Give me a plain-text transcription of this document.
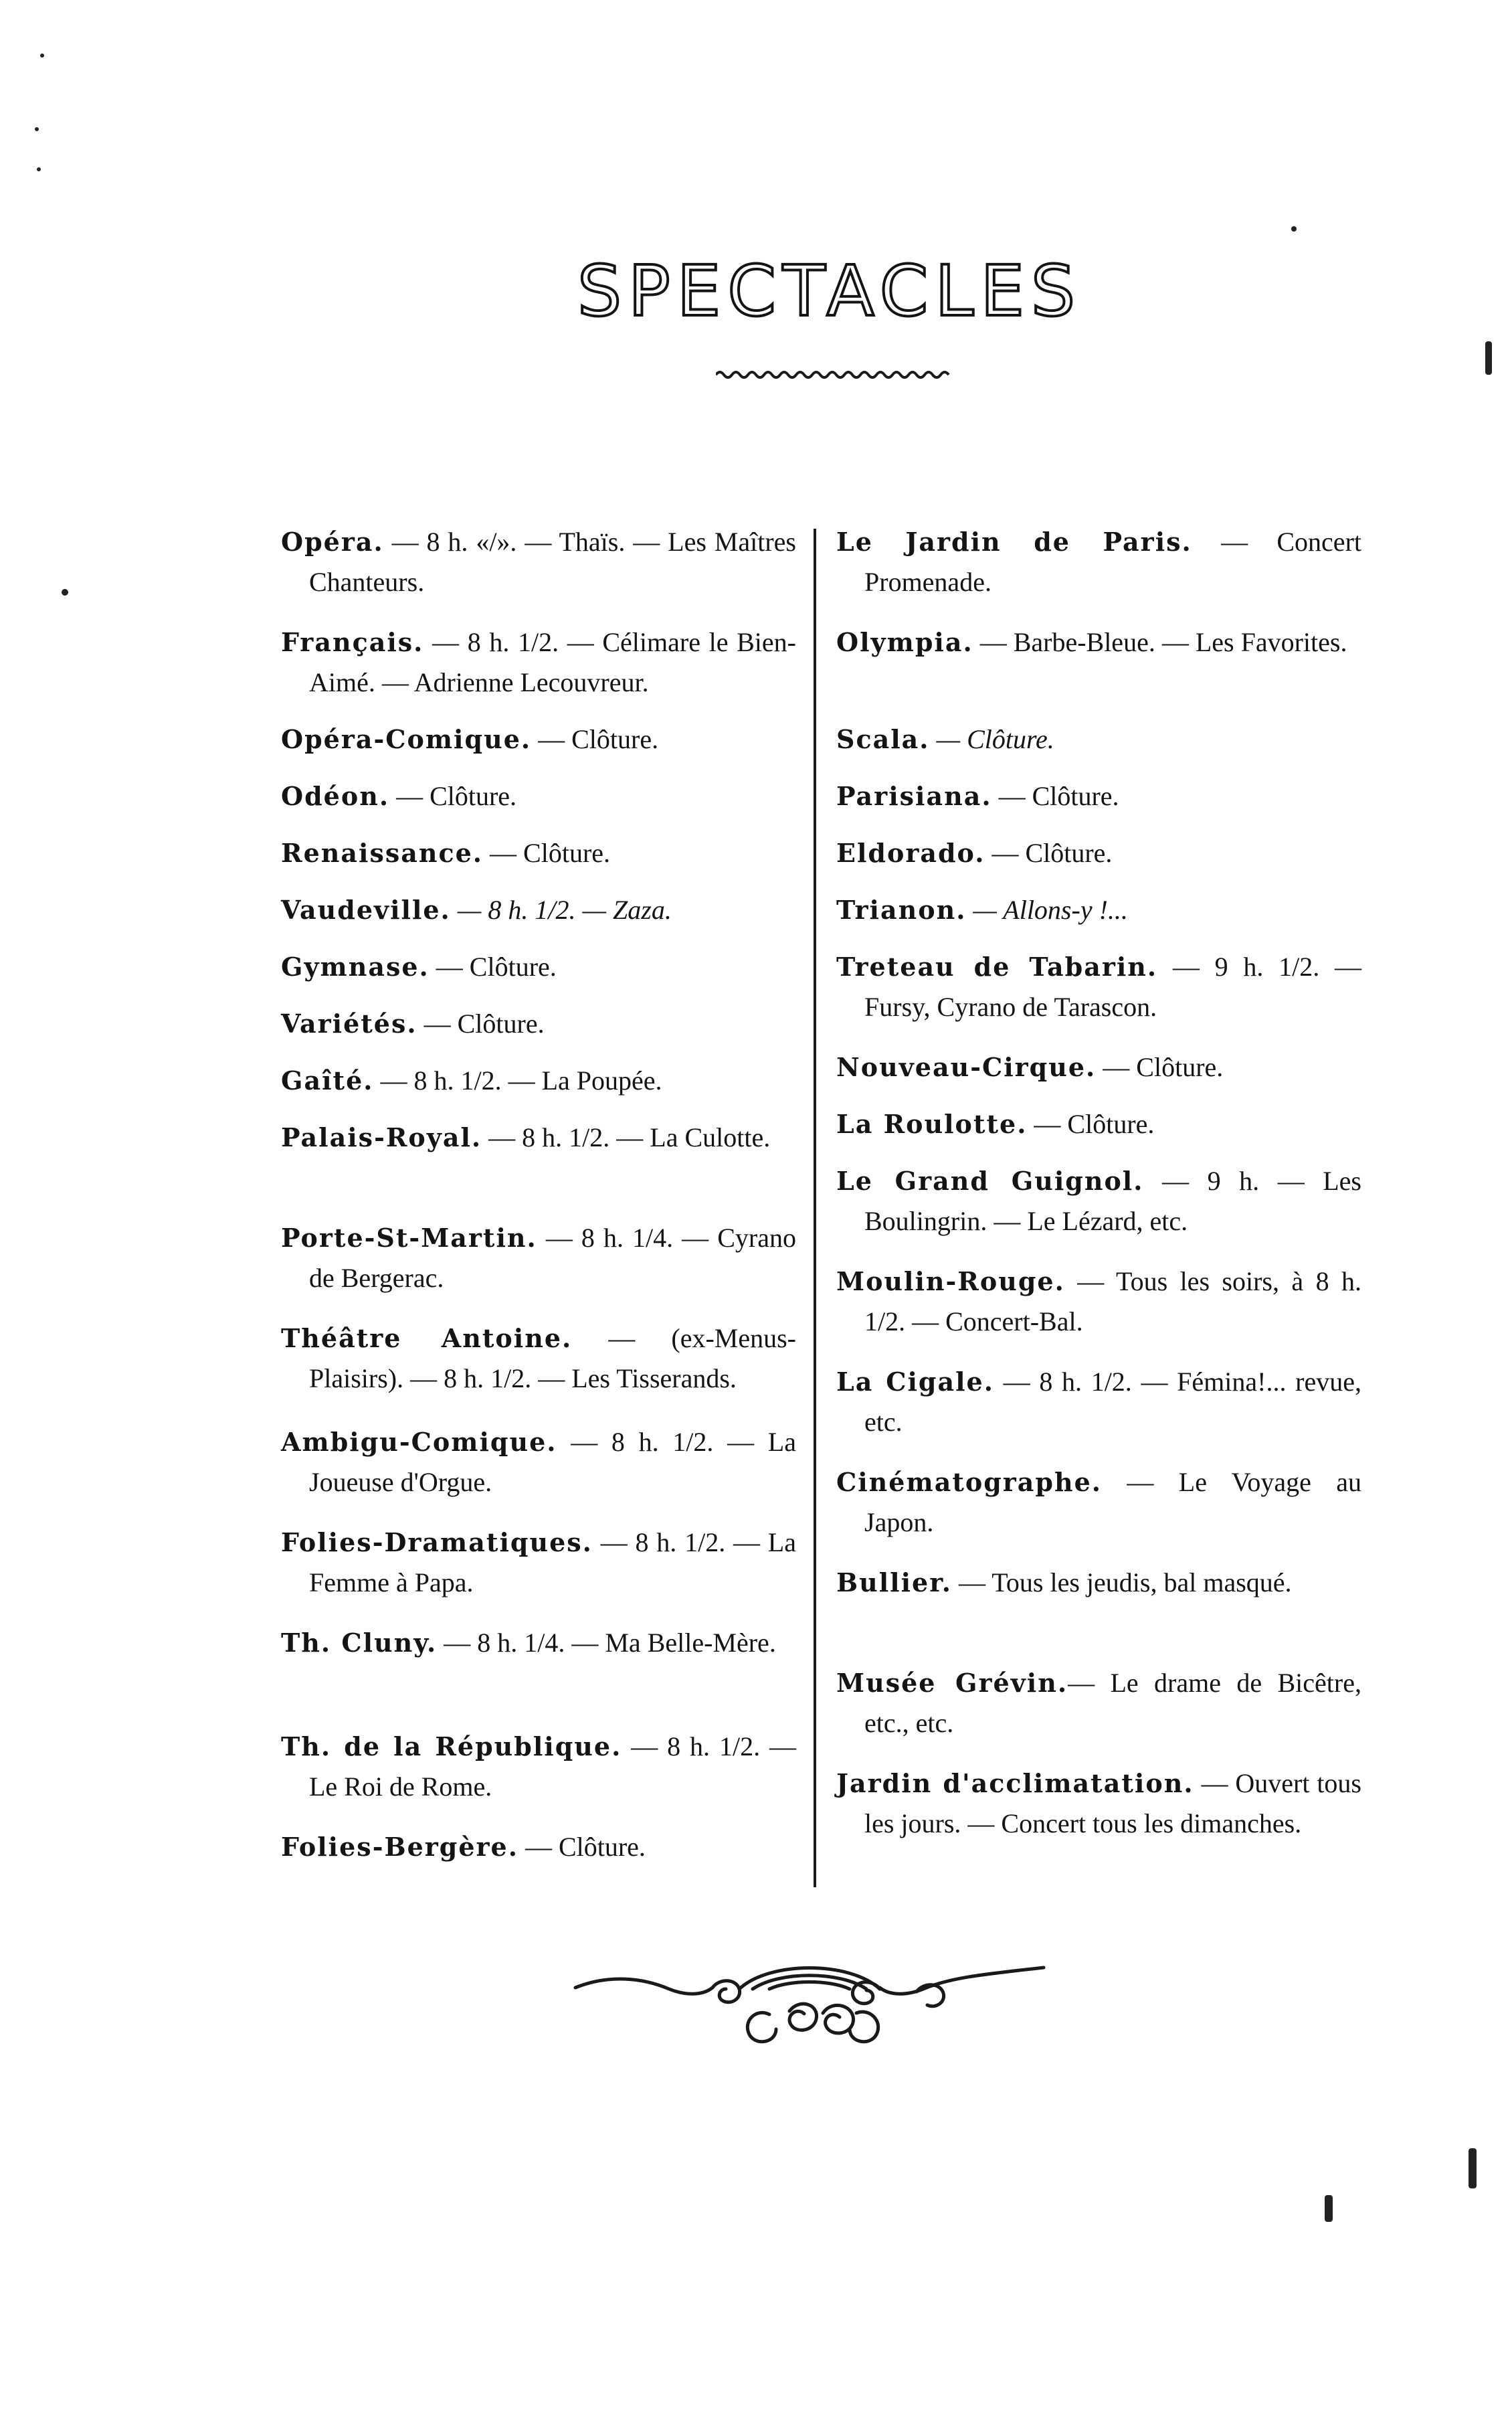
SPECTACLES

Opéra. — 8 h. «/». — Thaïs. — Les Maîtres Chanteurs.

Français. — 8 h. 1/2. — Célimare le Bien-Aimé. — Adrienne Lecouvreur.

Opéra-Comique. — Clôture.

Odéon. — Clôture.

Renaissance. — Clôture.

Vaudeville. — 8 h. 1/2. — Zaza.

Gymnase. — Clôture.

Variétés. — Clôture.

Gaîté. — 8 h. 1/2. — La Poupée.

Palais-Royal. — 8 h. 1/2. — La Culotte.

Porte-St-Martin. — 8 h. 1/4. — Cyrano de Bergerac.

Théâtre Antoine. — (ex-Menus-Plaisirs). — 8 h. 1/2. — Les Tisserands.

Ambigu-Comique. — 8 h. 1/2. — La Joueuse d'Orgue.

Folies-Dramatiques. — 8 h. 1/2. — La Femme à Papa.

Th. Cluny. — 8 h. 1/4. — Ma Belle-Mère.

Th. de la République. — 8 h. 1/2. — Le Roi de Rome.

Folies-Bergère. — Clôture.

Le Jardin de Paris. — Concert Promenade.

Olympia. — Barbe-Bleue. — Les Favorites.

Scala. — Clôture.

Parisiana. — Clôture.

Eldorado. — Clôture.

Trianon. — Allons-y !...

Treteau de Tabarin. — 9 h. 1/2. — Fursy, Cyrano de Tarascon.

Nouveau-Cirque. — Clôture.

La Roulotte. — Clôture.

Le Grand Guignol. — 9 h. — Les Boulingrin. — Le Lézard, etc.

Moulin-Rouge. — Tous les soirs, à 8 h. 1/2. — Concert-Bal.

La Cigale. — 8 h. 1/2. — Fémina!... revue, etc.

Cinématographe. — Le Voyage au Japon.

Bullier. — Tous les jeudis, bal masqué.

Musée Grévin.— Le drame de Bicêtre, etc., etc.

Jardin d'acclimatation. — Ouvert tous les jours. — Concert tous les dimanches.
